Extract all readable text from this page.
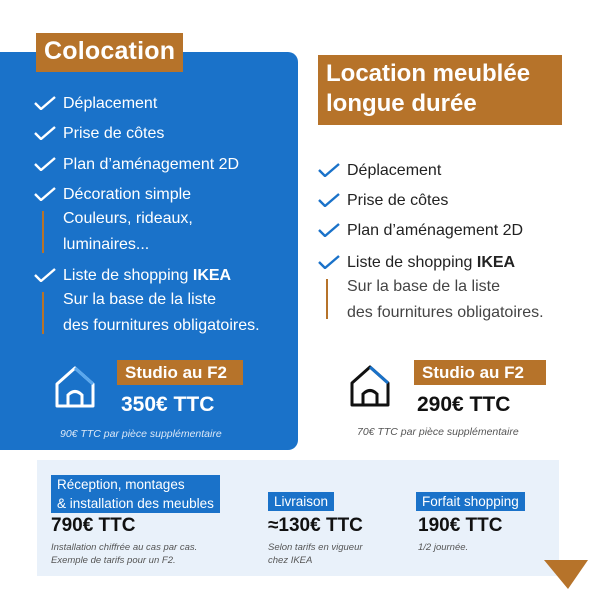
Colocation
Déplacement
Prise de côtes
Plan d’aménagement 2D
Décoration simple
Couleurs, rideaux,
luminaires...
Liste de shopping IKEA
Sur la base de la liste
des fournitures obligatoires.
Studio au F2
350€ TTC
90€ TTC par pièce supplémentaire
Location meublée
longue durée
Déplacement
Prise de côtes
Plan d’aménagement 2D
Liste de shopping IKEA
Sur la base de la liste
des fournitures obligatoires.
Studio au F2
290€ TTC
70€ TTC par pièce supplémentaire
Réception, montages
& installation des meubles
790€ TTC
Installation chiffrée au cas par cas.
Exemple de tarifs pour un F2.
Livraison
≈130€ TTC
Selon tarifs en vigueur
chez IKEA
Forfait shopping
190€ TTC
1/2 journée.
